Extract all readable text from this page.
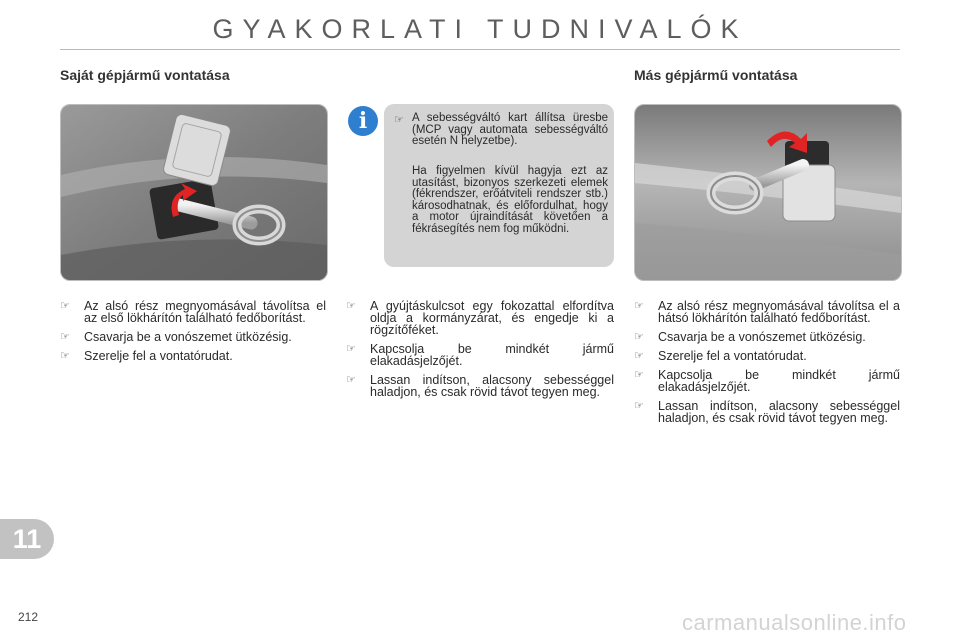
GYAKORLATI TUDNIVALÓK
Saját gépjármű vontatása	Más gépjármű vontatása
i	☞ A sebességváltó kart állítsa üresbe (MCP vagy automata sebességváltó esetén N helyzetbe).
Ha figyelmen kívül hagyja ezt az utasítást, bizonyos szerkezeti elemek (fékrendszer, erőátviteli rendszer stb.) károsodhatnak, és előfordulhat, hogy a motor újraindítását követően a fékrásegítés nem fog működni.
☞ Az alsó rész megnyomásával távolítsa el az első lökhárítón található fedőborítást.
☞ Csavarja be a vonószemet ütközésig.
☞ Szerelje fel a vontatórudat.
☞ A gyújtáskulcsot egy fokozattal elfordítva oldja a kormányzárat, és engedje ki a rögzítőféket.
☞ Kapcsolja be mindkét jármű elakadásjelzőjét.
☞ Lassan indítson, alacsony sebességgel haladjon, és csak rövid távot tegyen meg.
☞ Az alsó rész megnyomásával távolítsa el a hátsó lökhárítón található fedőborítást.
☞ Csavarja be a vonószemet ütközésig.
☞ Szerelje fel a vontatórudat.
☞ Kapcsolja be mindkét jármű elakadásjelzőjét.
☞ Lassan indítson, alacsony sebességgel haladjon, és csak rövid távot tegyen meg.
11
212	carmanualsonline.info
